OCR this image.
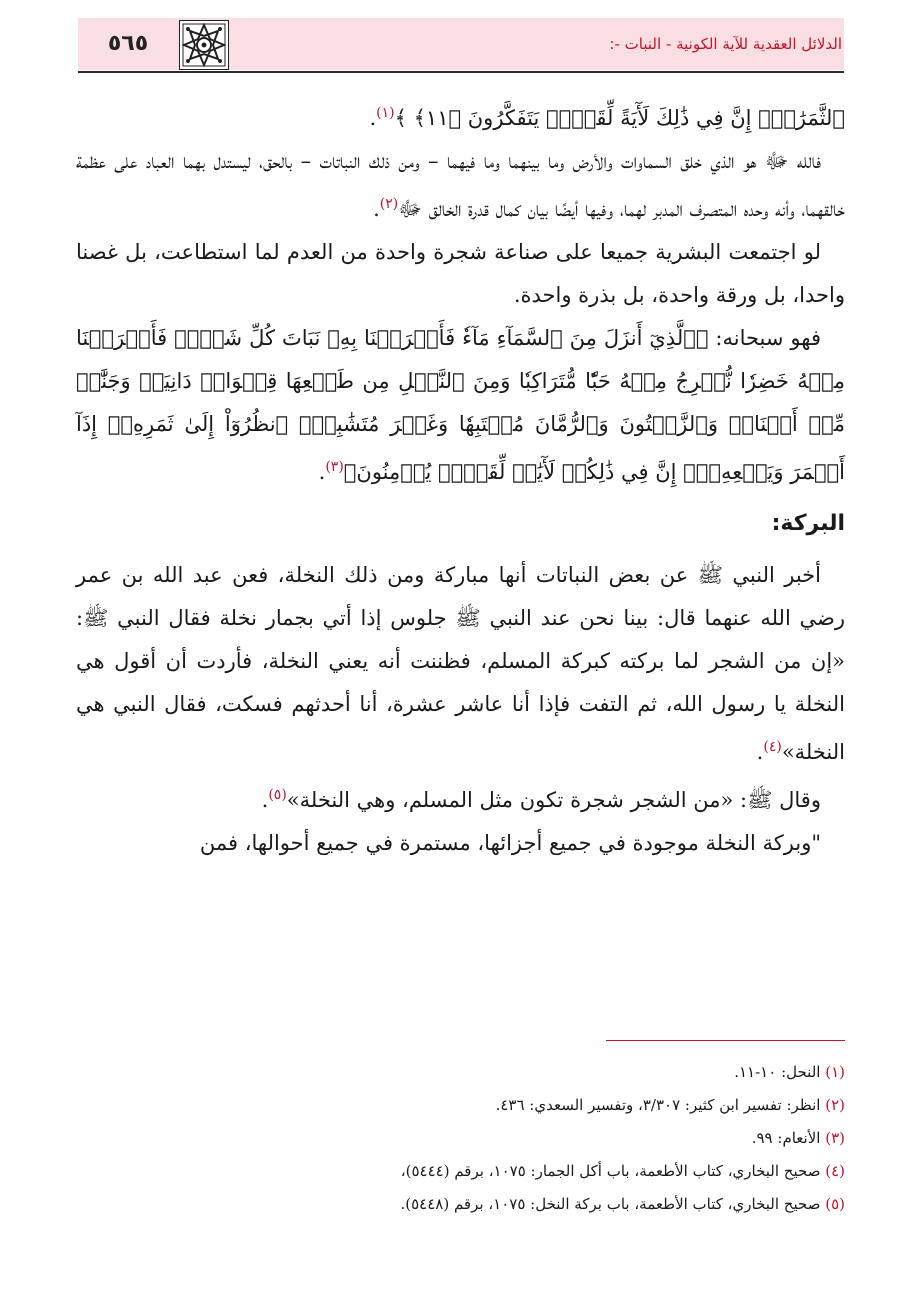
٥٦٥	الدلائل العقدية للآية الكونية - النبات -:

ٱلثَّمَرَٰتِۗ إِنَّ فِي ذَٰلِكَ لَأٓيَةً لِّقَوۡمٖ يَتَفَكَّرُونَ ﴿١١﴾ ﴾$^{(١)}$.

فالله ﷻ هو الذي خلق السماوات والأرض وما بينهما وما فيهما – ومن ذلك النباتات – بالحق، ليستدل بهما العباد على عظمة خالقهما، وأنه وحده المتصرف المدبر لهما، وفيها أيضًا بيان كمال قدرة الخالق ﷻ$^{(٢)}$.

لو اجتمعت البشرية جميعا على صناعة شجرة واحدة من العدم لما استطاعت، بل غصنا واحدا، بل ورقة واحدة، بل بذرة واحدة.

فهو سبحانه: ﴿ٱلَّذِيٓ أَنزَلَ مِنَ ٱلسَّمَآءِ مَآءٗ فَأَخۡرَجۡنَا بِهِۦ نَبَاتَ كُلِّ شَيۡءٖ فَأَخۡرَجۡنَا مِنۡهُ خَضِرٗا نُّخۡرِجُ مِنۡهُ حَبّٗا مُّتَرَاكِبٗا وَمِنَ ٱلنَّخۡلِ مِن طَلۡعِهَا قِنۡوَانٞ دَانِيَةٞ وَجَنَّٰتٖ مِّنۡ أَعۡنَابٖ وَٱلزَّيۡتُونَ وَٱلرُّمَّانَ مُشۡتَبِهٗا وَغَيۡرَ مُتَشَٰبِهٍۗ ٱنظُرُوٓاْ إِلَىٰ ثَمَرِهِۦٓ إِذَآ أَثۡمَرَ وَيَنۡعِهِۦٓۚ إِنَّ فِي ذَٰلِكُمۡ لَأٓيَٰتٖ لِّقَوۡمٖ يُؤۡمِنُونَ﴾$^{(٣)}$.

البركة:

أخبر النبي ﷺ عن بعض النباتات أنها مباركة ومن ذلك النخلة، فعن عبد الله بن عمر رضي الله عنهما قال: بينا نحن عند النبي ﷺ جلوس إذا أتي بجمار نخلة فقال النبي ﷺ: «إن من الشجر لما بركته كبركة المسلم، فظننت أنه يعني النخلة، فأردت أن أقول هي النخلة يا رسول الله، ثم التفت فإذا أنا عاشر عشرة، أنا أحدثهم فسكت، فقال النبي هي النخلة»$^{(٤)}$.

وقال ﷺ: «من الشجر شجرة تكون مثل المسلم، وهي النخلة»$^{(٥)}$.

"وبركة النخلة موجودة في جميع أجزائها، مستمرة في جميع أحوالها، فمن

(١) النحل: ١٠-١١.

(٢) انظر: تفسير ابن كثير: ٣/٣٠٧، وتفسير السعدي: ٤٣٦.

(٣) الأنعام: ٩٩.

(٤) صحيح البخاري، كتاب الأطعمة، باب أكل الجمار: ١٠٧٥، برقم (٥٤٤٤)،

(٥) صحيح البخاري، كتاب الأطعمة، باب بركة النخل: ١٠٧٥، برقم (٥٤٤٨).
